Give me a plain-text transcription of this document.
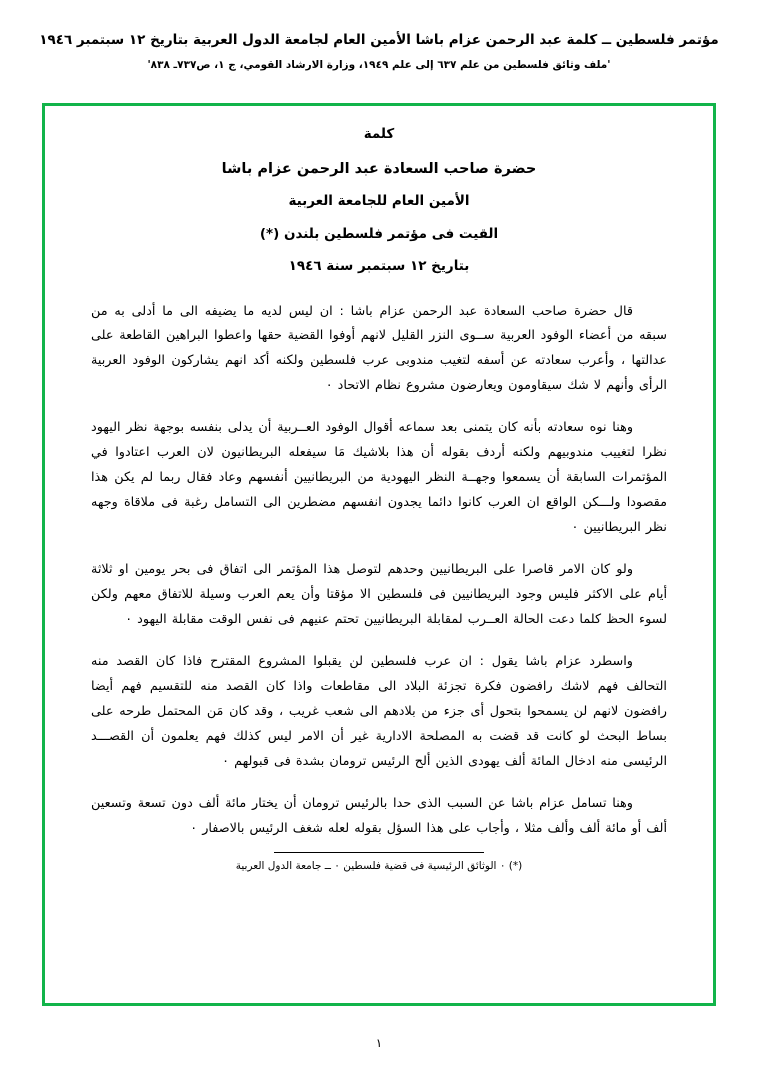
مؤتمر فلسطين ــ كلمة عبد الرحمن عزام باشا الأمين العام لجامعة الدول العربية بتاريخ ١٢ سبتمبر ١٩٤٦
'ملف وثائق فلسطين من علم ٦٣٧ إلى علم ١٩٤٩، وزارة الارشاد القومي، ج ١، ص٧٣٧ـ ٨٣٨'
كلمة
حضرة صاحب السعادة عبد الرحمن عزام باشا
الأمين العام للجامعة العربية
القيت فى مؤتمر فلسطين بلندن (*)
بتاريخ ١٢ سبتمبر سنة ١٩٤٦

قال حضرة صاحب السعادة عبد الرحمن عزام باشا : ان ليس لديه ما يضيفه الى ما أدلى به من سبقه من أعضاء الوفود العربية ســوى النزر القليل لانهم أوفوا القضية حقها واعطوا البراهين القاطعة على عدالتها ، وأعرب سعادته عن أسفه لتغيب مندوبى عرب فلسطين ولكنه أكد انهم يشاركون الوفود العربية الرأى وأنهم لا شك سيقاومون ويعارضون مشروع نظام الاتحاد ٠

وهنا نوه سعادته بأنه كان يتمنى بعد سماعه أقوال الوفود العــربية أن يدلى بنفسه بوجهة نظر اليهود نظرا لتغييب مندوبيهم ولكنه أردف بقوله أن هذا بلاشيك مَا سيفعله البريطانيون لان العرب اعتادوا في المؤتمرات السابقة أن يسمعوا وجهــة النظر اليهودية من البريطانيين أنفسهم وعاد فقال ربما لم يكن هذا مقصودا ولـــكن الواقع ان العرب كانوا دائما يجدون انفسهم مضطرين الى التسامل رغبة فى ملاقاة وجهه نظر البريطانيين ٠

ولو كان الامر قاصرا على البريطانيين وحدهم لتوصل هذا المؤتمر الى اتفاق فى بحر يومين او ثلاثة أيام على الاكثر فليس وجود البريطانيين فى فلسطين الا مؤقتا وأن يعم العرب وسيلة للاتفاق معهم ولكن لسوء الحظ كلما دعت الحالة العــرب لمقابلة البريطانيين تحتم عنيهم فى نفس الوقت مقابلة اليهود ٠

واسطرد عزام باشا يقول : ان عرب فلسطين لن يقبلوا المشروع المقترح فاذا كان القصد منه التحالف فهم لاشك رافضون فكرة تجزئة البلاد الى مقاطعات واذا كان القصد منه للتقسيم فهم أيضا رافضون لانهم لن يسمحوا بتحول أى جزء من بلادهم الى شعب غريب ، وقد كان مَن المحتمل طرحه على بساط البحث لو كانت قد قضت به المصلحة الادارية غير أن الامر ليس كذلك فهم يعلمون أن القصـــد الرئيسى منه ادخال المائة ألف يهودى الذين ألح الرئيس ترومان بشدة فى قبولهم ٠

وهنا تسامل عزام باشا عن السبب الذى حدا بالرئيس ترومان أن يختار مائة ألف دون تسعة وتسعين ألف أو مائة ألف وألف مثلا ، وأجاب على هذا السؤل بقوله لعله شغف الرئيس بالاصفار ٠

(*) ٠ الوثائق الرئيسية فى قضية فلسطين ٠ ــ جامعة الدول العربية
١
